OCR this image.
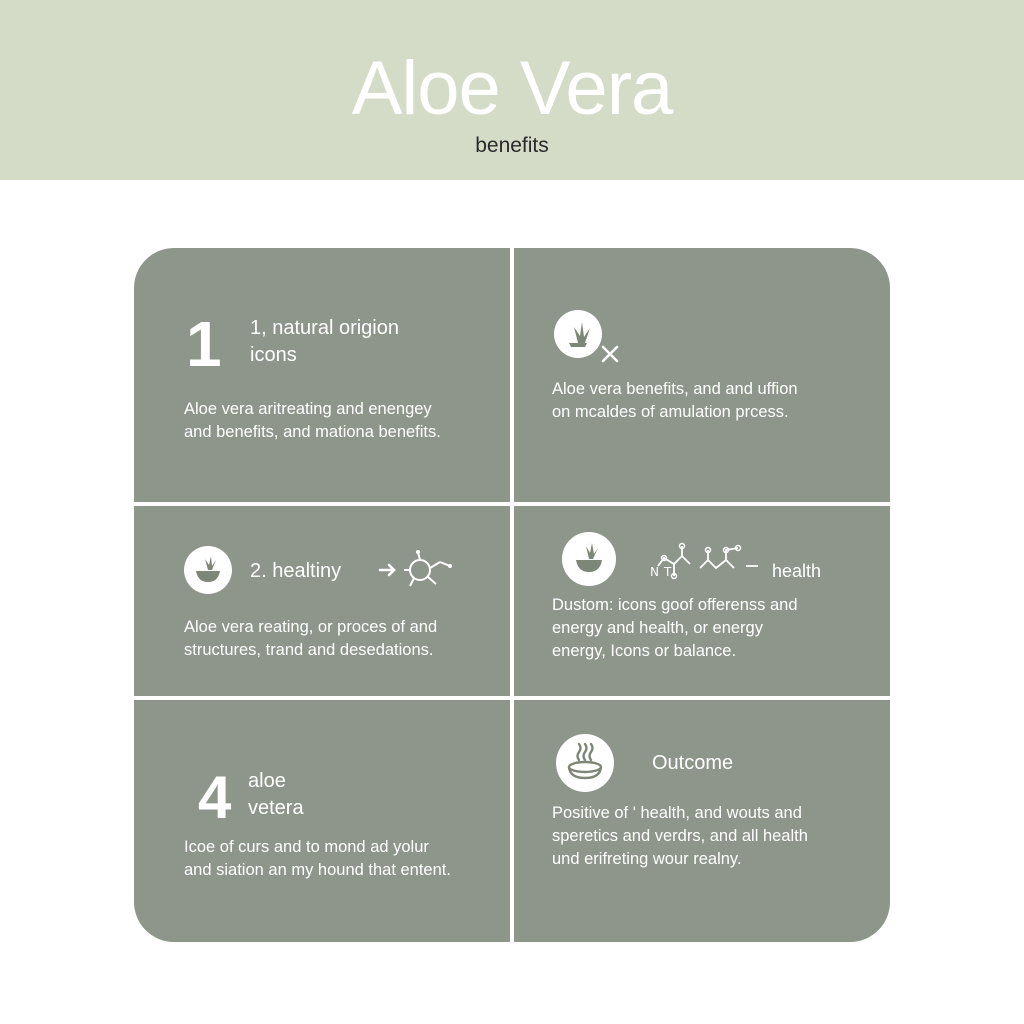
Aloe Vera
benefits
1 1, natural origion
icons
Aloe vera aritreating and enengey
and benefits, and mationa benefits.
Aloe vera benefits, and and uffion
on mcaldes of amulation prcess.
2. healtiny
Aloe vera reating, or proces of and
structures, trand and desedations.
N T	health
Dustom: icons goof offerenss and
energy and health, or energy
energy, Icons or balance.
4 aloe
vetera
Icoe of curs and to mond ad yolur
and siation an my hound that entent.
Outcome
Positive of ' health, and wouts and
speretics and verdrs, and all health
und erifreting wour realny.
